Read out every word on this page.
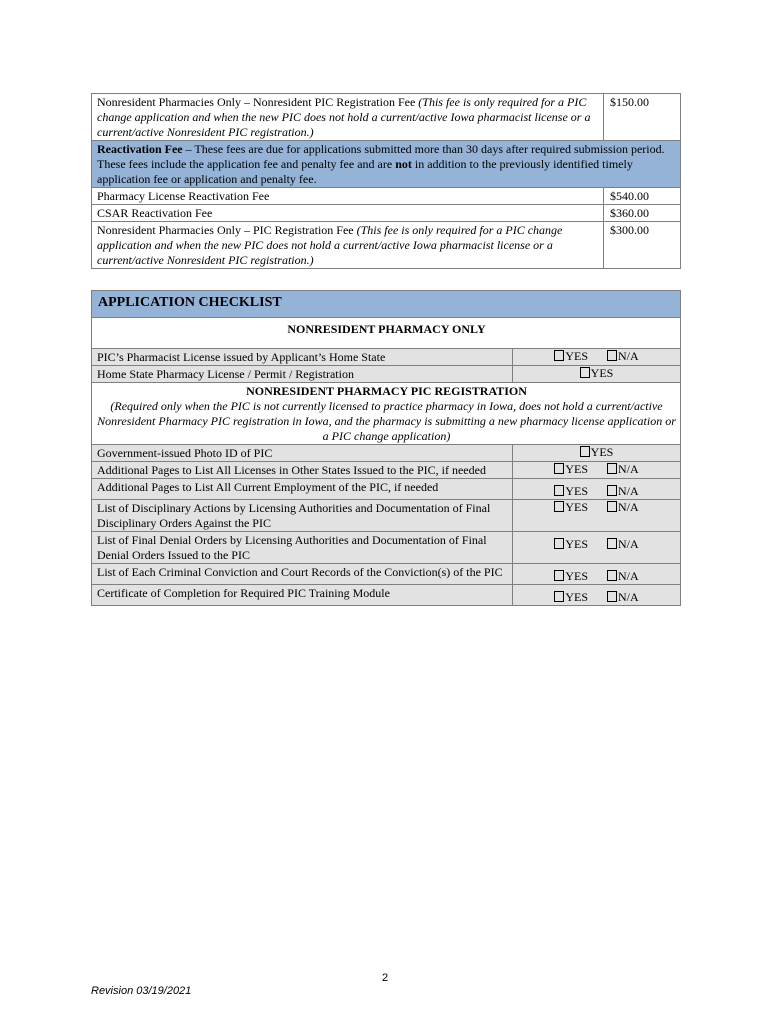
Nonresident Pharmacies Only – Nonresident PIC Registration Fee (This fee is only required for a PIC change application and when the new PIC does not hold a current/active Iowa pharmacist license or a current/active Nonresident PIC registration.)	$150.00
Reactivation Fee – These fees are due for applications submitted more than 30 days after required submission period. These fees include the application fee and penalty fee and are not in addition to the previously identified timely application fee or application and penalty fee.	
Pharmacy License Reactivation Fee	$540.00
CSAR Reactivation Fee	$360.00
Nonresident Pharmacies Only – PIC Registration Fee (This fee is only required for a PIC change application and when the new PIC does not hold a current/active Iowa pharmacist license or a current/active Nonresident PIC registration.)	$300.00
APPLICATION CHECKLIST	
NONRESIDENT PHARMACY ONLY	
PIC’s Pharmacist License issued by Applicant’s Home State	YES N/A
Home State Pharmacy License / Permit / Registration	YES
NONRESIDENT PHARMACY PIC REGISTRATION
(Required only when the PIC is not currently licensed to practice pharmacy in Iowa, does not hold a current/active Nonresident Pharmacy PIC registration in Iowa, and the pharmacy is submitting a new pharmacy license application or a PIC change application)	

Government-issued Photo ID of PIC	YES
Additional Pages to List All Licenses in Other States Issued to the PIC, if needed	YES N/A
Additional Pages to List All Current Employment of the PIC, if needed	YES N/A
List of Disciplinary Actions by Licensing Authorities and Documentation of Final Disciplinary Orders Against the PIC	YES N/A
List of Final Denial Orders by Licensing Authorities and Documentation of Final Denial Orders Issued to the PIC	YES N/A
List of Each Criminal Conviction and Court Records of the Conviction(s) of the PIC	YES N/A
Certificate of Completion for Required PIC Training Module	YES N/A
2
Revision 03/19/2021
